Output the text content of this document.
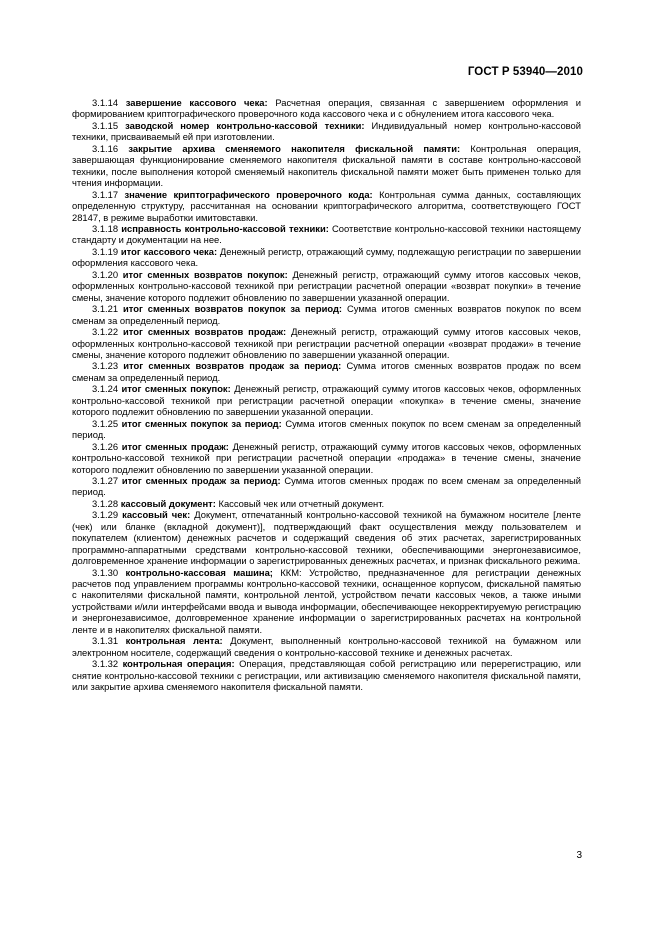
ГОСТ Р 53940—2010

3.1.14 завершение кассового чека: Расчетная операция, связанная с завершением оформления и формированием криптографического проверочного кода кассового чека и с обнулением итога кассового чека.

3.1.15 заводской номер контрольно-кассовой техники: Индивидуальный номер контрольно-кассовой техники, присваиваемый ей при изготовлении.

3.1.16 закрытие архива сменяемого накопителя фискальной памяти: Контрольная операция, завершающая функционирование сменяемого накопителя фискальной памяти в составе контрольно-кассовой техники, после выполнения которой сменяемый накопитель фискальной памяти может быть применен только для чтения информации.

3.1.17 значение криптографического проверочного кода: Контрольная сумма данных, составляющих определенную структуру, рассчитанная на основании криптографического алгоритма, соответствующего ГОСТ 28147, в режиме выработки имитовставки.

3.1.18 исправность контрольно-кассовой техники: Соответствие контрольно-кассовой техники настоящему стандарту и документации на нее.

3.1.19 итог кассового чека: Денежный регистр, отражающий сумму, подлежащую регистрации по завершении оформления кассового чека.

3.1.20 итог сменных возвратов покупок: Денежный регистр, отражающий сумму итогов кассовых чеков, оформленных контрольно-кассовой техникой при регистрации расчетной операции «возврат покупки» в течение смены, значение которого подлежит обновлению по завершении указанной операции.

3.1.21 итог сменных возвратов покупок за период: Сумма итогов сменных возвратов покупок по всем сменам за определенный период.

3.1.22 итог сменных возвратов продаж: Денежный регистр, отражающий сумму итогов кассовых чеков, оформленных контрольно-кассовой техникой при регистрации расчетной операции «возврат продажи» в течение смены, значение которого подлежит обновлению по завершении указанной операции.

3.1.23 итог сменных возвратов продаж за период: Сумма итогов сменных возвратов продаж по всем сменам за определенный период.

3.1.24 итог сменных покупок: Денежный регистр, отражающий сумму итогов кассовых чеков, оформленных контрольно-кассовой техникой при регистрации расчетной операции «покупка» в течение смены, значение которого подлежит обновлению по завершении указанной операции.

3.1.25 итог сменных покупок за период: Сумма итогов сменных покупок по всем сменам за определенный период.

3.1.26 итог сменных продаж: Денежный регистр, отражающий сумму итогов кассовых чеков, оформленных контрольно-кассовой техникой при регистрации расчетной операции «продажа» в течение смены, значение которого подлежит обновлению по завершении указанной операции.

3.1.27 итог сменных продаж за период: Сумма итогов сменных продаж по всем сменам за определенный период.

3.1.28 кассовый документ: Кассовый чек или отчетный документ.

3.1.29 кассовый чек: Документ, отпечатанный контрольно-кассовой техникой на бумажном носителе [ленте (чек) или бланке (вкладной документ)], подтверждающий факт осуществления между пользователем и покупателем (клиентом) денежных расчетов и содержащий сведения об этих расчетах, зарегистрированных программно-аппаратными средствами контрольно-кассовой техники, обеспечивающими энергонезависимое, долговременное хранение информации о зарегистрированных денежных расчетах, и признак фискального режима.

3.1.30 контрольно-кассовая машина; ККМ: Устройство, предназначенное для регистрации денежных расчетов под управлением программы контрольно-кассовой техники, оснащенное корпусом, фискальной памятью с накопителями фискальной памяти, контрольной лентой, устройством печати кассовых чеков, а также иными устройствами и/или интерфейсами ввода и вывода информации, обеспечивающее некорректируемую регистрацию и энергонезависимое, долговременное хранение информации о зарегистрированных расчетах на контрольной ленте и в накопителях фискальной памяти.

3.1.31 контрольная лента: Документ, выполненный контрольно-кассовой техникой на бумажном или электронном носителе, содержащий сведения о контрольно-кассовой технике и денежных расчетах.

3.1.32 контрольная операция: Операция, представляющая собой регистрацию или перерегистрацию, или снятие контрольно-кассовой техники с регистрации, или активизацию сменяемого накопителя фискальной памяти, или закрытие архива сменяемого накопителя фискальной памяти.

3
